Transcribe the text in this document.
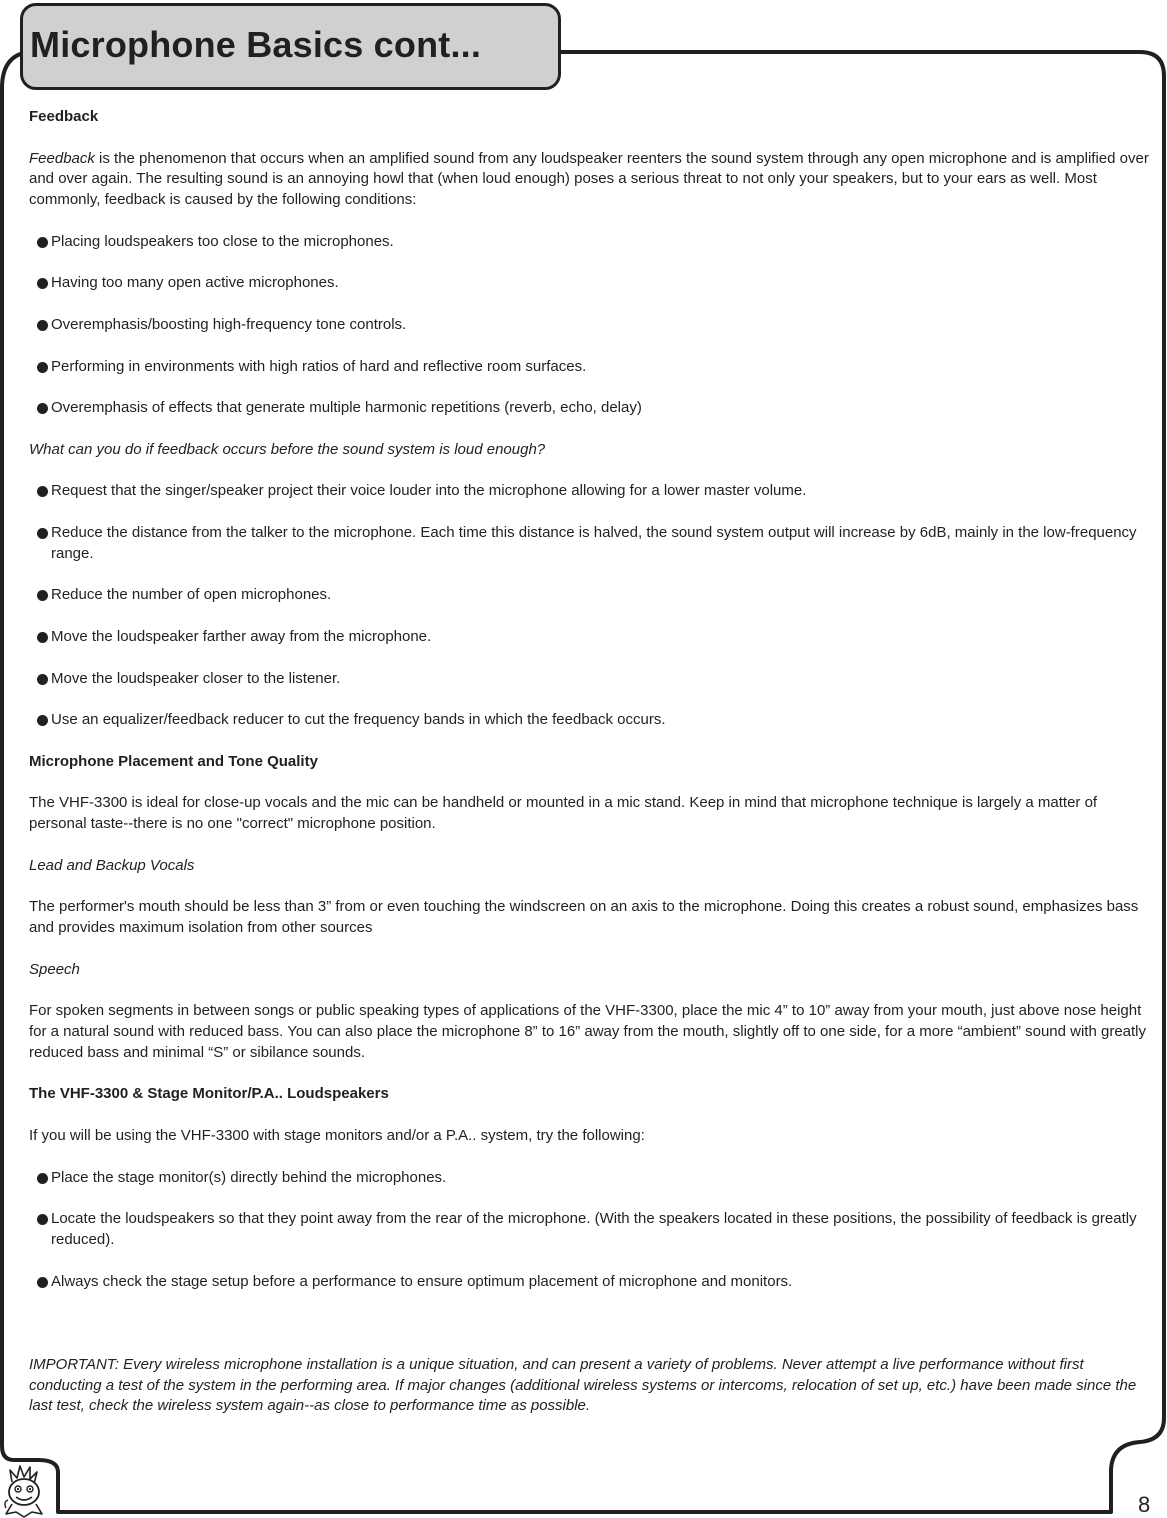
Microphone Basics cont...

Feedback

Feedback is the phenomenon that occurs when an amplified sound from any loudspeaker reenters the sound system through any open microphone and is amplified over and over again. The resulting sound is an annoying howl that (when loud enough) poses a serious threat to not only your speakers, but to your ears as well. Most commonly, feedback is caused by the following conditions:

Placing loudspeakers too close to the microphones.
Having too many open active microphones.
Overemphasis/boosting high-frequency tone controls.
Performing in environments with high ratios of hard and reflective room surfaces.
Overemphasis of effects that generate multiple harmonic repetitions (reverb, echo, delay)

What can you do if feedback occurs before the sound system is loud enough?

Request that the singer/speaker project their voice louder into the microphone allowing for a lower master volume.
Reduce the distance from the talker to the microphone. Each time this distance is halved, the sound system output will increase by 6dB, mainly in the low-frequency range.
Reduce the number of open microphones.
Move the loudspeaker farther away from the microphone.
Move the loudspeaker closer to the listener.
Use an equalizer/feedback reducer to cut the frequency bands in which the feedback occurs.

Microphone Placement and Tone Quality

The VHF-3300 is ideal for close-up vocals and the mic can be handheld or mounted in a mic stand. Keep in mind that microphone technique is largely a matter of personal taste--there is no one "correct" microphone position.

Lead and Backup Vocals

The performer's mouth should be less than 3” from or even touching the windscreen on an axis to the microphone. Doing this creates a robust sound, emphasizes bass and provides maximum isolation from other sources

Speech

For spoken segments in between songs or public speaking types of applications of the VHF-3300, place the mic 4” to 10” away from your mouth, just above nose height for a natural sound with reduced bass. You can also place the microphone 8” to 16” away from the mouth, slightly off to one side, for a more “ambient” sound with greatly reduced bass and minimal “S” or sibilance sounds.

The VHF-3300 & Stage Monitor/P.A.. Loudspeakers

If you will be using the VHF-3300 with stage monitors and/or a P.A.. system, try the following:

Place the stage monitor(s) directly behind the microphones.
Locate the loudspeakers so that they point away from the rear of the microphone. (With the speakers located in these positions, the possibility of feedback is greatly reduced).
Always check the stage setup before a performance to ensure optimum placement of microphone and monitors.

IMPORTANT: Every wireless microphone installation is a unique situation, and can present a variety of problems. Never attempt a live performance without first conducting a test of the system in the performing area. If major changes (additional wireless systems or intercoms, relocation of set up, etc.) have been made since the last test, check the wireless system again--as close to performance time as possible.

8
